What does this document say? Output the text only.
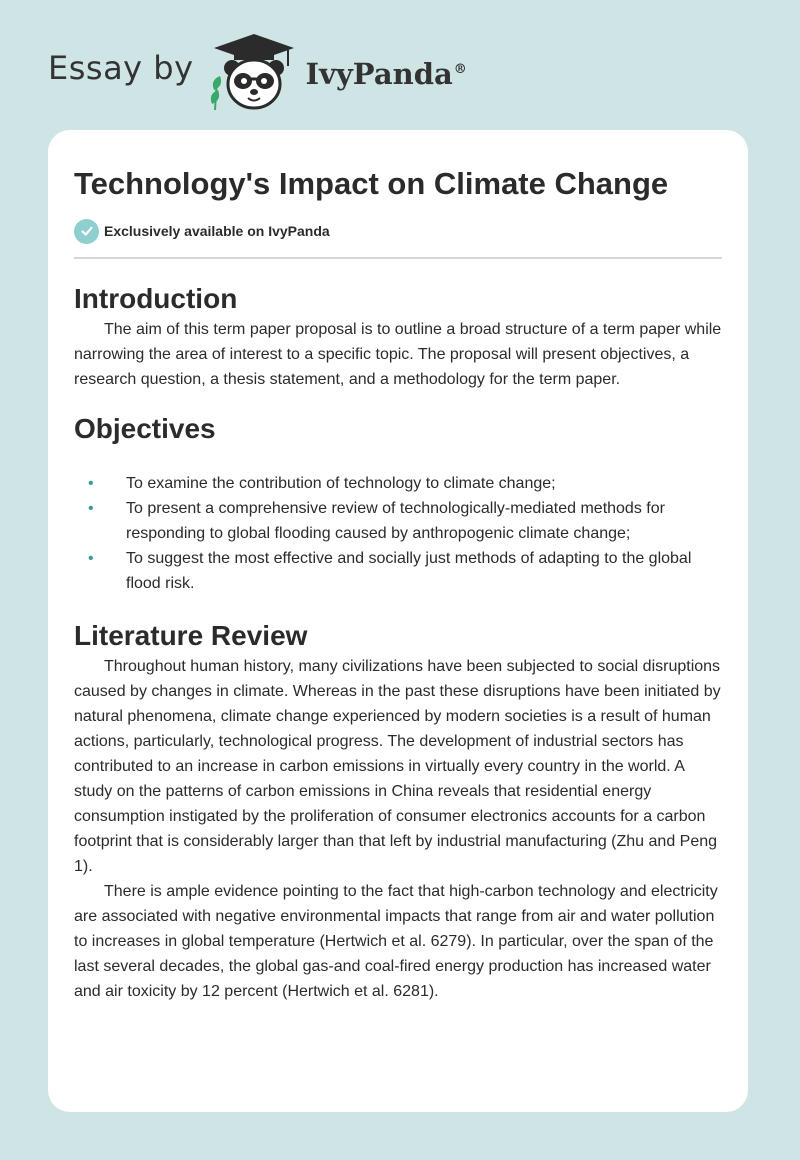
Essay by	IvyPanda®
Technology's Impact on Climate Change
Exclusively available on IvyPanda
Introduction

The aim of this term paper proposal is to outline a broad structure of a term paper while narrowing the area of interest to a specific topic. The proposal will present objectives, a research question, a thesis statement, and a methodology for the term paper.

Objectives
• To examine the contribution of technology to climate change;
• To present a comprehensive review of technologically-mediated methods for responding to global flooding caused by anthropogenic climate change;
• To suggest the most effective and socially just methods of adapting to the global flood risk.
Literature Review

Throughout human history, many civilizations have been subjected to social disruptions caused by changes in climate. Whereas in the past these disruptions have been initiated by natural phenomena, climate change experienced by modern societies is a result of human actions, particularly, technological progress. The development of industrial sectors has contributed to an increase in carbon emissions in virtually every country in the world. A study on the patterns of carbon emissions in China reveals that residential energy consumption instigated by the proliferation of consumer electronics accounts for a carbon footprint that is considerably larger than that left by industrial manufacturing (Zhu and Peng 1).

There is ample evidence pointing to the fact that high-carbon technology and electricity are associated with negative environmental impacts that range from air and water pollution to increases in global temperature (Hertwich et al. 6279). In particular, over the span of the last several decades, the global gas-and coal-fired energy production has increased water and air toxicity by 12 percent (Hertwich et al. 6281).
